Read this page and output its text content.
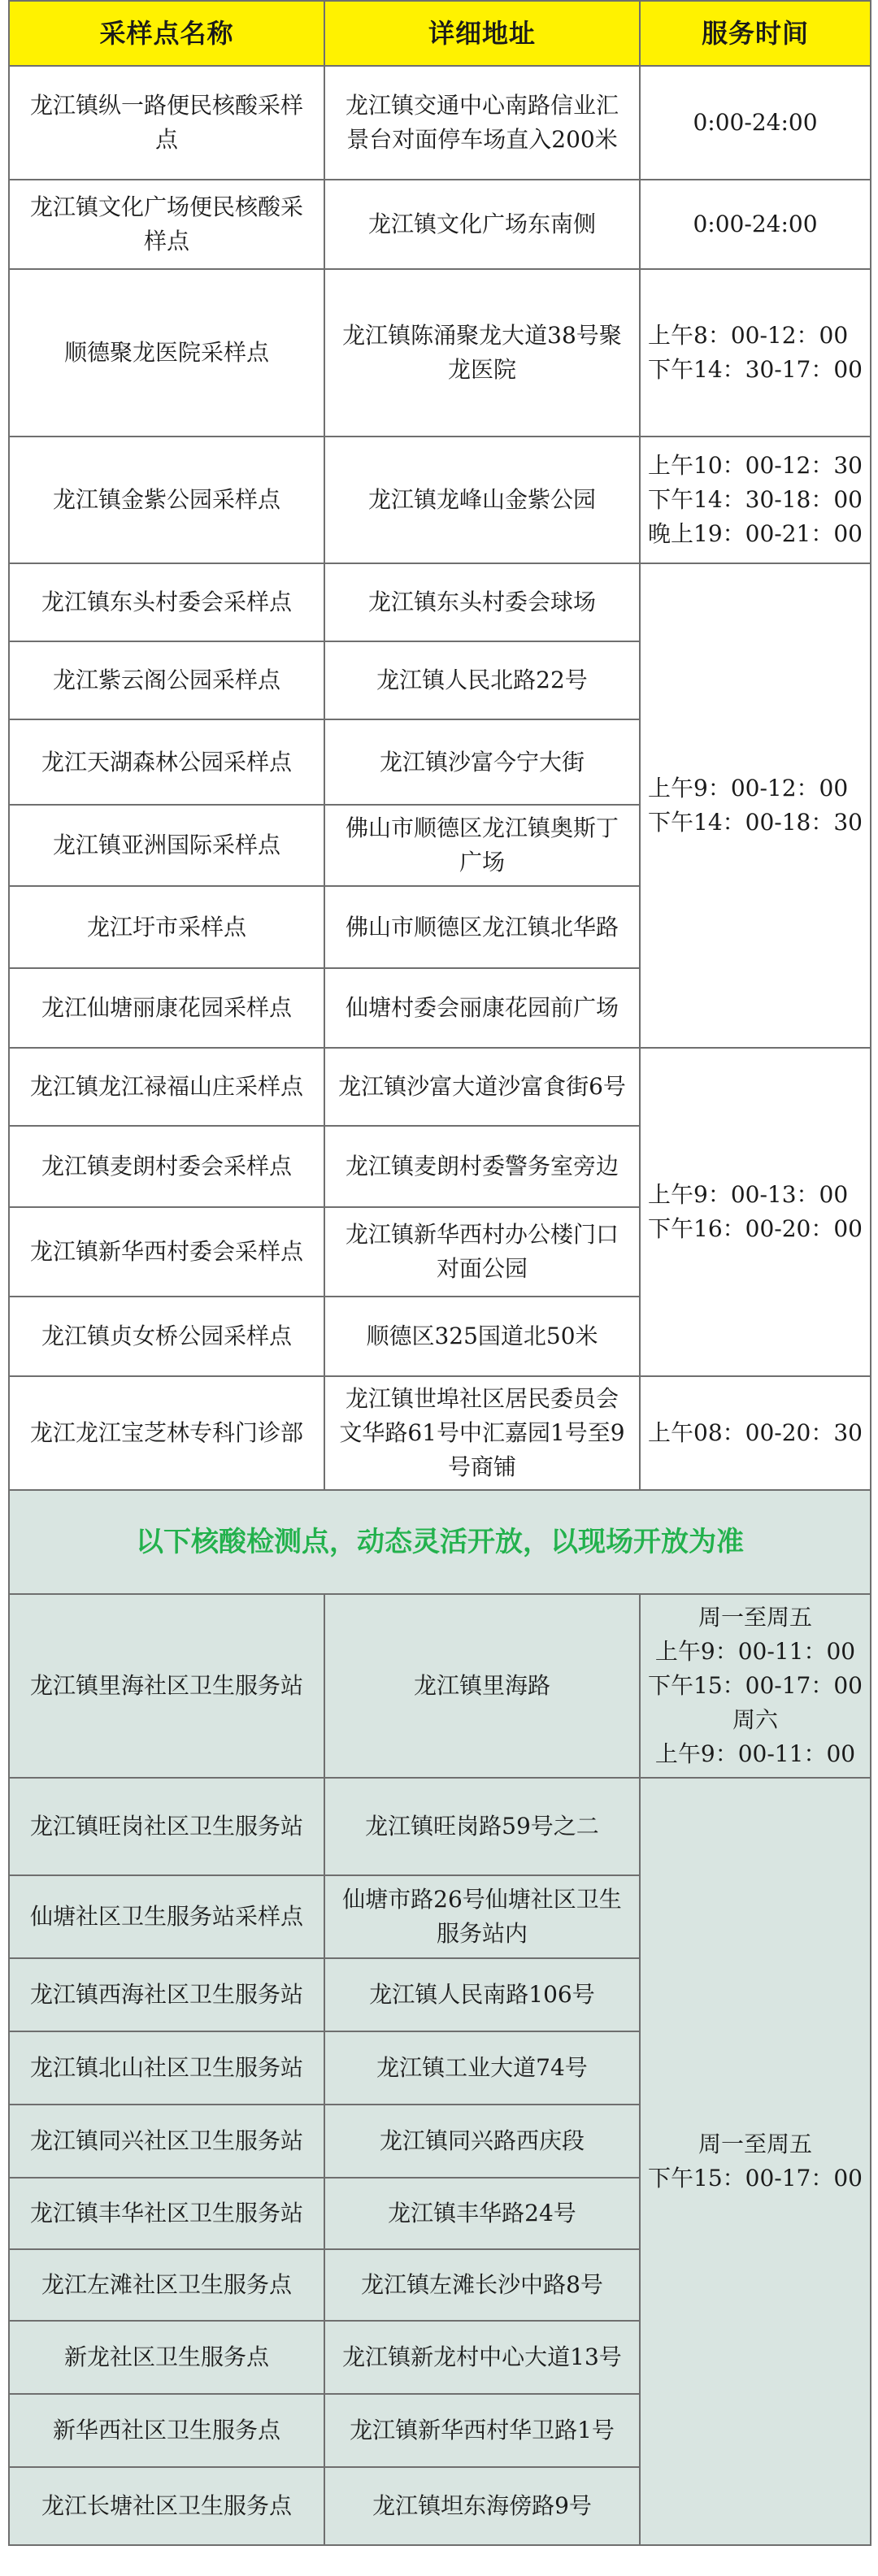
采样点名称	详细地址	服务时间
龙江镇纵一路便民核酸采样点	龙江镇交通中心南路信业汇景台对面停车场直入200米	0:00-24:00

龙江镇文化广场便民核酸采样点	龙江镇文化广场东南侧	0:00-24:00

顺德聚龙医院采样点	龙江镇陈涌聚龙大道38号聚龙医院	上午8：00-12：00
下午14：30-17：00

龙江镇金紫公园采样点	龙江镇龙峰山金紫公园	上午10：00-12：30
下午14：30-18：00
晚上19：00-21：00

龙江镇东头村委会采样点	龙江镇东头村委会球场	上午9：00-12：00
下午14：00-18：30

龙江紫云阁公园采样点	龙江镇人民北路22号	
龙江天湖森林公园采样点	龙江镇沙富今宁大街	
龙江镇亚洲国际采样点	佛山市顺德区龙江镇奥斯丁广场	
龙江圩市采样点	佛山市顺德区龙江镇北华路	
龙江仙塘丽康花园采样点	仙塘村委会丽康花园前广场	
龙江镇龙江禄福山庄采样点	龙江镇沙富大道沙富食街6号	上午9：00-13：00
下午16：00-20：00

龙江镇麦朗村委会采样点	龙江镇麦朗村委警务室旁边	
龙江镇新华西村委会采样点	龙江镇新华西村办公楼门口对面公园	
龙江镇贞女桥公园采样点	顺德区325国道北50米	
龙江龙江宝芝林专科门诊部	龙江镇世埠社区居民委员会文华路61号中汇嘉园1号至9号商铺	上午08：00-20：30

以下核酸检测点，动态灵活开放，以现场开放为准		
龙江镇里海社区卫生服务站	龙江镇里海路	周一至周五
上午9：00-11：00
下午15：00-17：00
周六
上午9：00-11：00

龙江镇旺岗社区卫生服务站	龙江镇旺岗路59号之二	周一至周五
下午15：00-17：00

仙塘社区卫生服务站采样点	仙塘市路26号仙塘社区卫生服务站内	
龙江镇西海社区卫生服务站	龙江镇人民南路106号	
龙江镇北山社区卫生服务站	龙江镇工业大道74号	
龙江镇同兴社区卫生服务站	龙江镇同兴路西庆段	
龙江镇丰华社区卫生服务站	龙江镇丰华路24号	
龙江左滩社区卫生服务点	龙江镇左滩长沙中路8号	
新龙社区卫生服务点	龙江镇新龙村中心大道13号	
新华西社区卫生服务点	龙江镇新华西村华卫路1号	
龙江长塘社区卫生服务点	龙江镇坦东海傍路9号	
